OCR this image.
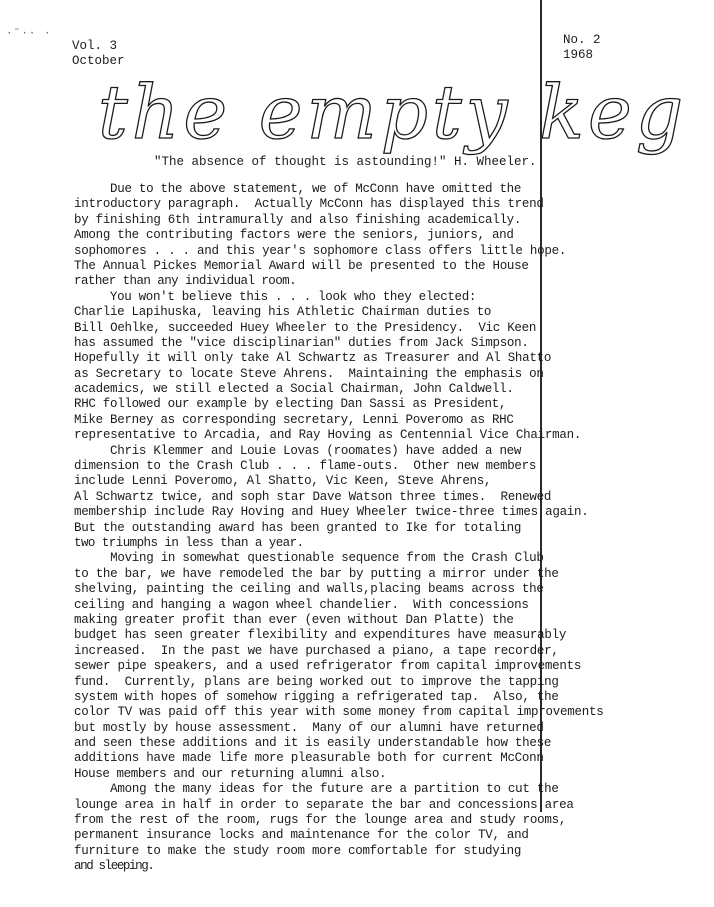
·˜·· ·
Vol. 3
October
No. 2
1968
the empty keg
"The absence of thought is astounding!" H. Wheeler.
Due to the above statement, we of McConn have omitted the
introductory paragraph.  Actually McConn has displayed this trend
by finishing 6th intramurally and also finishing academically.
Among the contributing factors were the seniors, juniors, and
sophomores . . . and this year's sophomore class offers little hope.
The Annual Pickes Memorial Award will be presented to the House
rather than any individual room.
You won't believe this . . . look who they elected:
Charlie Lapihuska, leaving his Athletic Chairman duties to
Bill Oehlke, succeeded Huey Wheeler to the Presidency.  Vic Keen
has assumed the "vice disciplinarian" duties from Jack Simpson.
Hopefully it will only take Al Schwartz as Treasurer and Al Shatto
as Secretary to locate Steve Ahrens.  Maintaining the emphasis on
academics, we still elected a Social Chairman, John Caldwell.
RHC followed our example by electing Dan Sassi as President,
Mike Berney as corresponding secretary, Lenni Poveromo as RHC
representative to Arcadia, and Ray Hoving as Centennial Vice Chairman.
Chris Klemmer and Louie Lovas (roomates) have added a new
dimension to the Crash Club . . . flame-outs.  Other new members
include Lenni Poveromo, Al Shatto, Vic Keen, Steve Ahrens,
Al Schwartz twice, and soph star Dave Watson three times.  Renewed
membership include Ray Hoving and Huey Wheeler twice-three times again.
But the outstanding award has been granted to Ike for totaling
two triumphs in less than a year.
Moving in somewhat questionable sequence from the Crash Club
to the bar, we have remodeled the bar by putting a mirror under the
shelving, painting the ceiling and walls,placing beams across the
ceiling and hanging a wagon wheel chandelier.  With concessions
making greater profit than ever (even without Dan Platte) the
budget has seen greater flexibility and expenditures have measurably
increased.  In the past we have purchased a piano, a tape recorder,
sewer pipe speakers, and a used refrigerator from capital improvements
fund.  Currently, plans are being worked out to improve the tapping
system with hopes of somehow rigging a refrigerated tap.  Also, the
color TV was paid off this year with some money from capital improvements
but mostly by house assessment.  Many of our alumni have returned
and seen these additions and it is easily understandable how these
additions have made life more pleasurable both for current McConn
House members and our returning alumni also.
Among the many ideas for the future are a partition to cut the
lounge area in half in order to separate the bar and concessions area
from the rest of the room, rugs for the lounge area and study rooms,
permanent insurance locks and maintenance for the color TV, and
furniture to make the study room more comfortable for studying
and sleeping.
